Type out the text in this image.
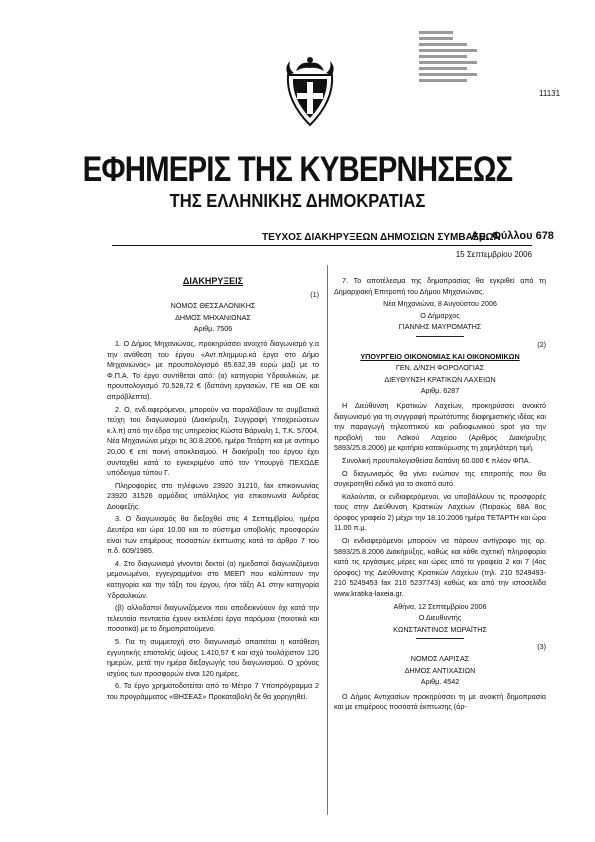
11131
ΕΦΗΜΕΡΙΣ ΤΗΣ ΚΥΒΕΡΝΗΣΕΩΣ
ΤΗΣ ΕΛΛΗΝΙΚΗΣ ΔΗΜΟΚΡΑΤΙΑΣ
ΤΕΥΧΟΣ ΔΙΑΚΗΡΥΞΕΩΝ ΔΗΜΟΣΙΩΝ ΣΥΜΒΑΣΕΩΝ
Αρ. Φύλλου 678
15 Σεπτεμβρίου 2006
ΔΙΑΚΗΡΥΞΕΙΣ
(1)
ΝΟΜΟΣ ΘΕΣΣΑΛΟΝΙΚΗΣ
ΔΗΜΟΣ ΜΗΧΑΝΙΩΝΑΣ
Αριθμ. 7506

1. Ο Δήμος Μηχανιώνας, προκηρύσσει ανοιχτό διαγωνισμό γ.α την ανάθεση του έργου «Αντ.πλημμυρ.κά έργα στο Δήμο Μηχανιώνας» με προυπολογισμό 85.632,39 ευρώ μαζί με το Φ.Π.Α. Το έργο συντίθεται από: (α) κατηγορία Υδραυλικών, με προυπολογισμό 70.528,72 € (δαπάνη εργασιών, ΓΕ και ΟΕ και απρόβλεπτα).

2. Ο, ενδ.αφερόμενοι, μπορούν να παραλάβουν τα συμβατικά τεύχη του διαγωνισμού (Διακήρυξη, Συγγραφή Υποχρεώσεων κ.λ.π) από την έδρα της υπηρεσίας Κώστα Βάρναλη 1, Τ.Κ. 57004, Νέα Μηχανιώνα μέχρι τις 30.8.2006, ημέρα Τετάρτη και με αντίτιμο 20,00 € επί ποινή αποκλεισμού. Η διακήρυξη του έργου έχει συνταχθεί κατά το εγκεκριμένο από τον Υπουργό ΠΕΧΩΔΕ υπόδειγμα τύπου Γ.

Πληροφορίες στο τηλέφωνο 23920 31210, fax επικοινωνίας 23920 31526 αρμόδιος υπάλληλος για επικοινωνία Ανδρέας Δουφεξής.

3. Ο διαγωνισμός θα διεξαχθεί στις 4 Σεπτεμβρίου, ημέρα Δευτέρα και ώρα 10.00 και το σύστημα υποβολής προσφορών είναι των επιμέρους ποσοστών έκπτωσης κατά το άρθρο 7 του π.δ. 609/1985.

4. Στο διαγωνισμό γίνονται δεκτοί (α) ημεδαποί διαγωνιζόμενοι μεμονωμένοι, εγγεγραμμένοι στο ΜΕΕΠ που καλύπτουν την κατηγορία και την τάξη του έργου, ήτοι τάξη Α1 στην κατηγορία Υδραυλικών.

(β) αλλοδαποί διαγωνιζόμενοι που αποδεικνύουν όχι κατά την τελευταία πενταετία έχουν εκτελέσει έργα παρόμοια (ποιοτικά και ποσοτικά) με το δημοπρατούμενο.

5. Για τη συμμετοχή στο διαγωνισμό απαιτείται η κατάθεση εγγυητικής επιστολής ύψους 1.410,57 € και ισχύ τουλάχιστον 120 ημερών, μετά την ημέρα διεξαγωγής του διαγωνισμού. Ο χρόνος ισχύος των προσφορών είναι 120 ημέρες.

6. Το έργο χρηματοδοτείται από το Μέτρο 7 Υποπρόγραμμα 2 του προγράμματος «ΘΗΣΕΑΣ» Προκαταβολή δε θα χορηγηθεί.

7. Το αποτέλεσμα της δημοπρασίας θα εγκριθεί από τη Δημαρχιακή Επιτροπή του Δήμου Μηχανιώνας.

Νέα Μηχανιώνα, 8 Αυγούστου 2006
Ο Δήμαρχος
ΓΙΑΝΝΗΣ ΜΑΥΡΟΜΑΤΗΣ
(2)
ΥΠΟΥΡΓΕΙΟ ΟΙΚΟΝΟΜΙΑΣ ΚΑΙ ΟΙΚΟΝΟΜΙΚΩΝ
ΓΕΝ. Δ/ΝΣΗ ΦΟΡΟΛΟΓΙΑΣ
ΔΙΕΥΘΥΝΣΗ ΚΡΑΤΙΚΩΝ ΛΑΧΕΙΩΝ
Αριθμ. 6287

Η Διεύθυνση Κρατικών Λαχείων, προκηρύσσει ανοικτό διαγωνισμό για τη συγγραφή πρωτότυπης διαφημιστικής ιδέας και την παραγωγή τηλεοπτικού και ραδιοφωνικού spot για την προβολή του Λαϊκού Λαχείου (Αριθμός Διακήρυξης 5893/25.8.2006) με κριτήριο κατακύρωσης τη χαμηλότερη τιμή.

Συνολική προυπολογισθείσα δαπάνη 60.000 € πλέον ΦΠΑ.

Ο διαγωνισμός θα γίνει ενώπιον της επιτροπής που θα συγκροτηθεί ειδικά για το σκοπό αυτό.

Καλούνται, οι ενδιαφερόμενοι, να υποβάλλουν τις προσφορές τους στην Διεύθυνση Κρατικών Λαχείων (Πειραιώς 68Α 8ος όροφος γραφείο 2) μέχρι την 18.10.2006 ημέρα ΤΕΤΑΡΤΗ και ώρα 11.00 π.μ.

Οι ενδιαφερόμενοι μπορούν να πάρουν αντίγραφο της αρ. 5893/25.8.2006 Διακήρυξης, καθώς και κάθε σχετική πληροφορία κατά τις εργάσιμες μέρες και ώρες από τα γραφεία 2 και 7 (4ος όροφος) της Διεύθυνσης Κρατικών Λαχείων (τηλ. 210 5249493-210 5249453 fax 210 5237743) καθώς και από την ιστοσελίδα www.kratika-laxeia.gr.

Αθήνα, 12 Σεπτεμβρίου 2006
Ο Διευθυντής
ΚΩΝΣΤΑΝΤΙΝΟΣ ΜΩΡΑΪΤΗΣ
(3)
ΝΟΜΟΣ ΛΑΡΙΣΑΣ
ΔΗΜΟΣ ΑΝΤΙΧΑΣΙΩΝ
Αριθμ. 4542

Ο Δήμος Αντιχασίων προκηρύσσει τη με ανοικτή δημοπρασία και με επιμέρους ποσοστά έκπτωσης (άρ-
